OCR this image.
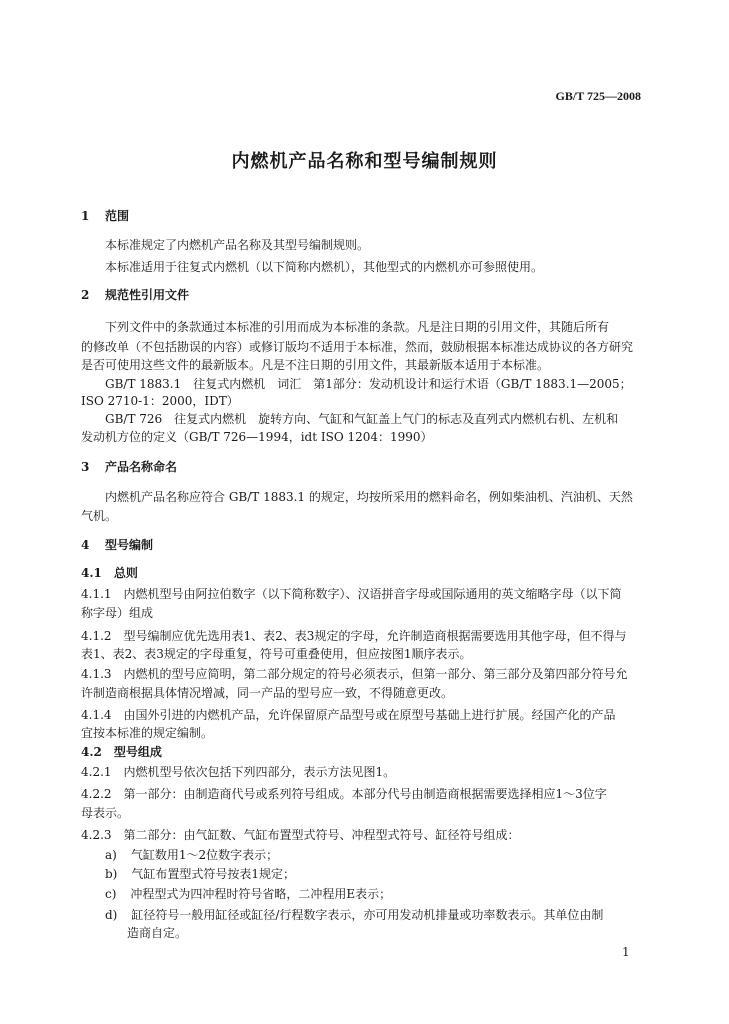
GB/T 725—2008
内燃机产品名称和型号编制规则
1 范围
本标准规定了内燃机产品名称及其型号编制规则。
本标准适用于往复式内燃机（以下简称内燃机），其他型式的内燃机亦可参照使用。
2 规范性引用文件
下列文件中的条款通过本标准的引用而成为本标准的条款。凡是注日期的引用文件，其随后所有
的修改单（不包括勘误的内容）或修订版均不适用于本标准，然而，鼓励根据本标准达成协议的各方研究
是否可使用这些文件的最新版本。凡是不注日期的引用文件，其最新版本适用于本标准。
GB/T 1883.1　往复式内燃机　词汇　第1部分：发动机设计和运行术语（GB/T 1883.1—2005；
ISO 2710-1：2000，IDT）
GB/T 726　往复式内燃机　旋转方向、气缸和气缸盖上气门的标志及直列式内燃机右机、左机和
发动机方位的定义（GB/T 726—1994，idt ISO 1204：1990）
3 产品名称命名
内燃机产品名称应符合 GB/T 1883.1 的规定，均按所采用的燃料命名，例如柴油机、汽油机、天然
气机。
4 型号编制
4.1　总则
4.1.1　内燃机型号由阿拉伯数字（以下简称数字）、汉语拼音字母或国际通用的英文缩略字母（以下简
称字母）组成
4.1.2　型号编制应优先选用表1、表2、表3规定的字母，允许制造商根据需要选用其他字母，但不得与
表1、表2、表3规定的字母重复，符号可重叠使用，但应按图1顺序表示。
4.1.3　内燃机的型号应简明，第二部分规定的符号必须表示，但第一部分、第三部分及第四部分符号允
许制造商根据具体情况增减，同一产品的型号应一致，不得随意更改。
4.1.4　由国外引进的内燃机产品，允许保留原产品型号或在原型号基础上进行扩展。经国产化的产品
宜按本标准的规定编制。
4.2　型号组成
4.2.1　内燃机型号依次包括下列四部分，表示方法见图1。
4.2.2　第一部分：由制造商代号或系列符号组成。本部分代号由制造商根据需要选择相应1～3位字
母表示。
4.2.3　第二部分：由气缸数、气缸布置型式符号、冲程型式符号、缸径符号组成：
a) 气缸数用1～2位数字表示；
b) 气缸布置型式符号按表1规定；
c) 冲程型式为四冲程时符号省略，二冲程用E表示；
d) 缸径符号一般用缸径或缸径/行程数字表示，亦可用发动机排量或功率数表示。其单位由制
造商自定。
1
